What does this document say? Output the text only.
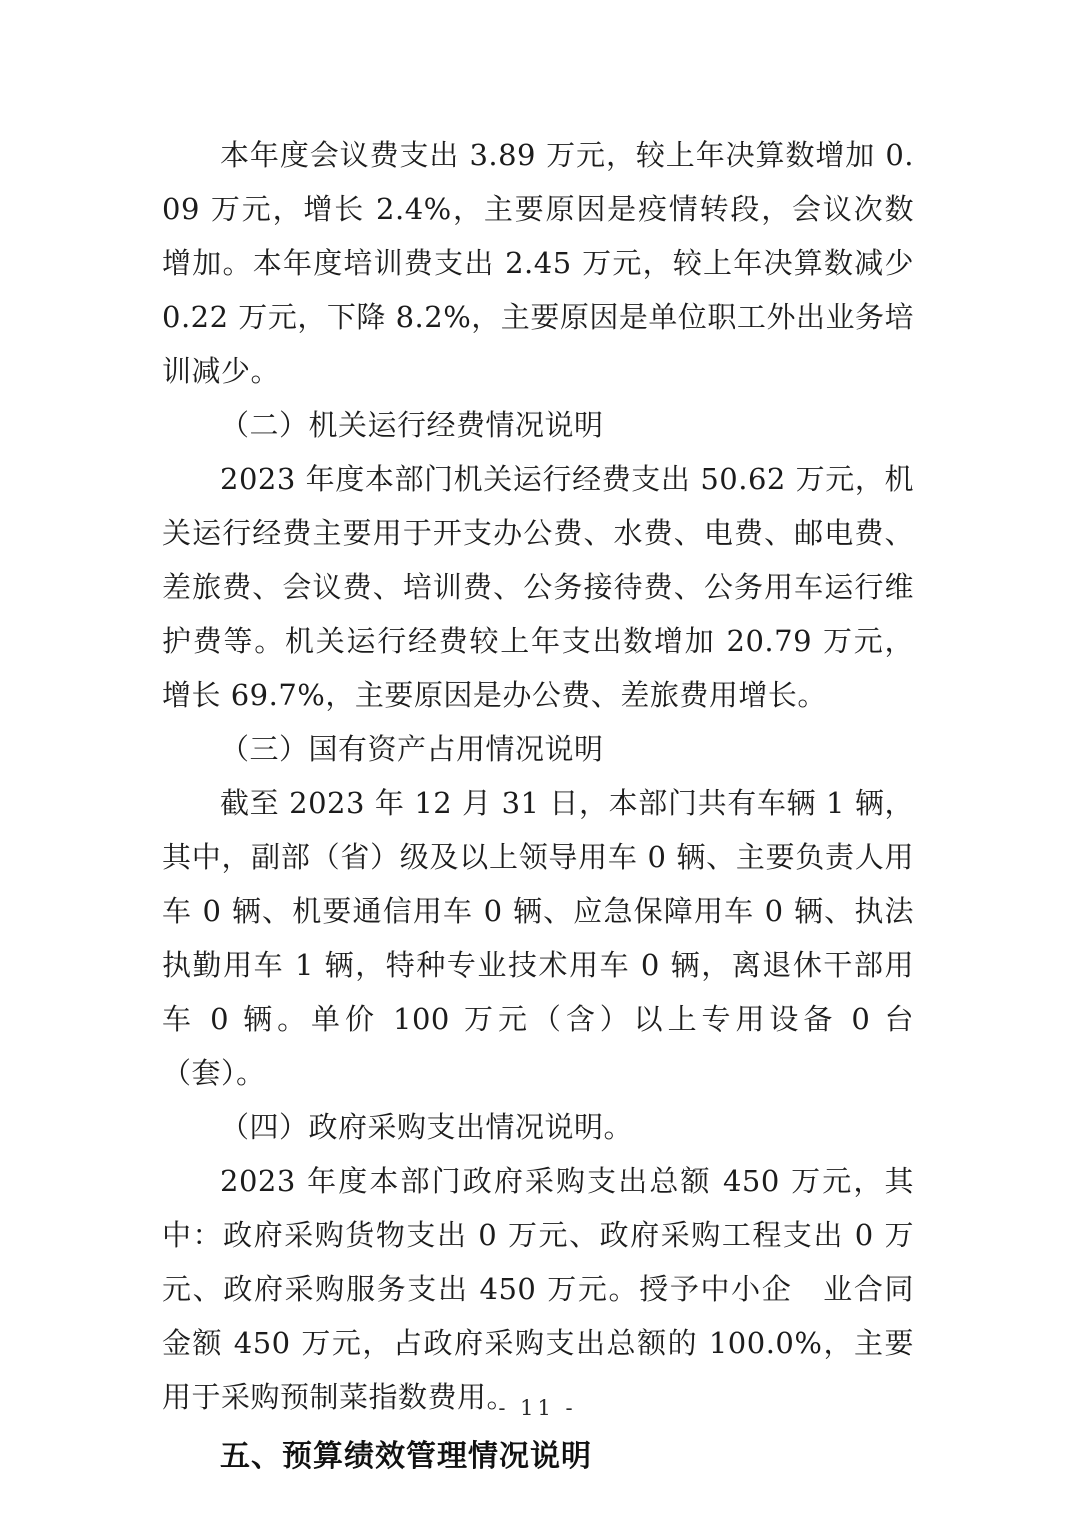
本年度会议费支出 3.89 万元，较上年决算数增加 0.09 万元，增长 2.4%，主要原因是疫情转段，会议次数增加。本年度培训费支出 2.45 万元，较上年决算数减少 0.22 万元，下降 8.2%，主要原因是单位职工外出业务培训减少。

（二）机关运行经费情况说明

2023 年度本部门机关运行经费支出 50.62 万元，机关运行经费主要用于开支办公费、水费、电费、邮电费、差旅费、会议费、培训费、公务接待费、公务用车运行维护费等。机关运行经费较上年支出数增加 20.79 万元，增长 69.7%，主要原因是办公费、差旅费用增长。

（三）国有资产占用情况说明

截至 2023 年 12 月 31 日，本部门共有车辆 1 辆，其中，副部（省）级及以上领导用车 0 辆、主要负责人用车 0 辆、机要通信用车 0 辆、应急保障用车 0 辆、执法执勤用车 1 辆，特种专业技术用车 0 辆，离退休干部用车 0 辆。单价 100 万元（含）以上专用设备 0 台（套）。

（四）政府采购支出情况说明。

2023 年度本部门政府采购支出总额 450 万元，其中：政府采购货物支出 0 万元、政府采购工程支出 0 万元、政府采购服务支出 450 万元。授予中小企　业合同金额 450 万元，占政府采购支出总额的 100.0%，主要用于采购预制菜指数费用。

五、预算绩效管理情况说明
- 11 -
